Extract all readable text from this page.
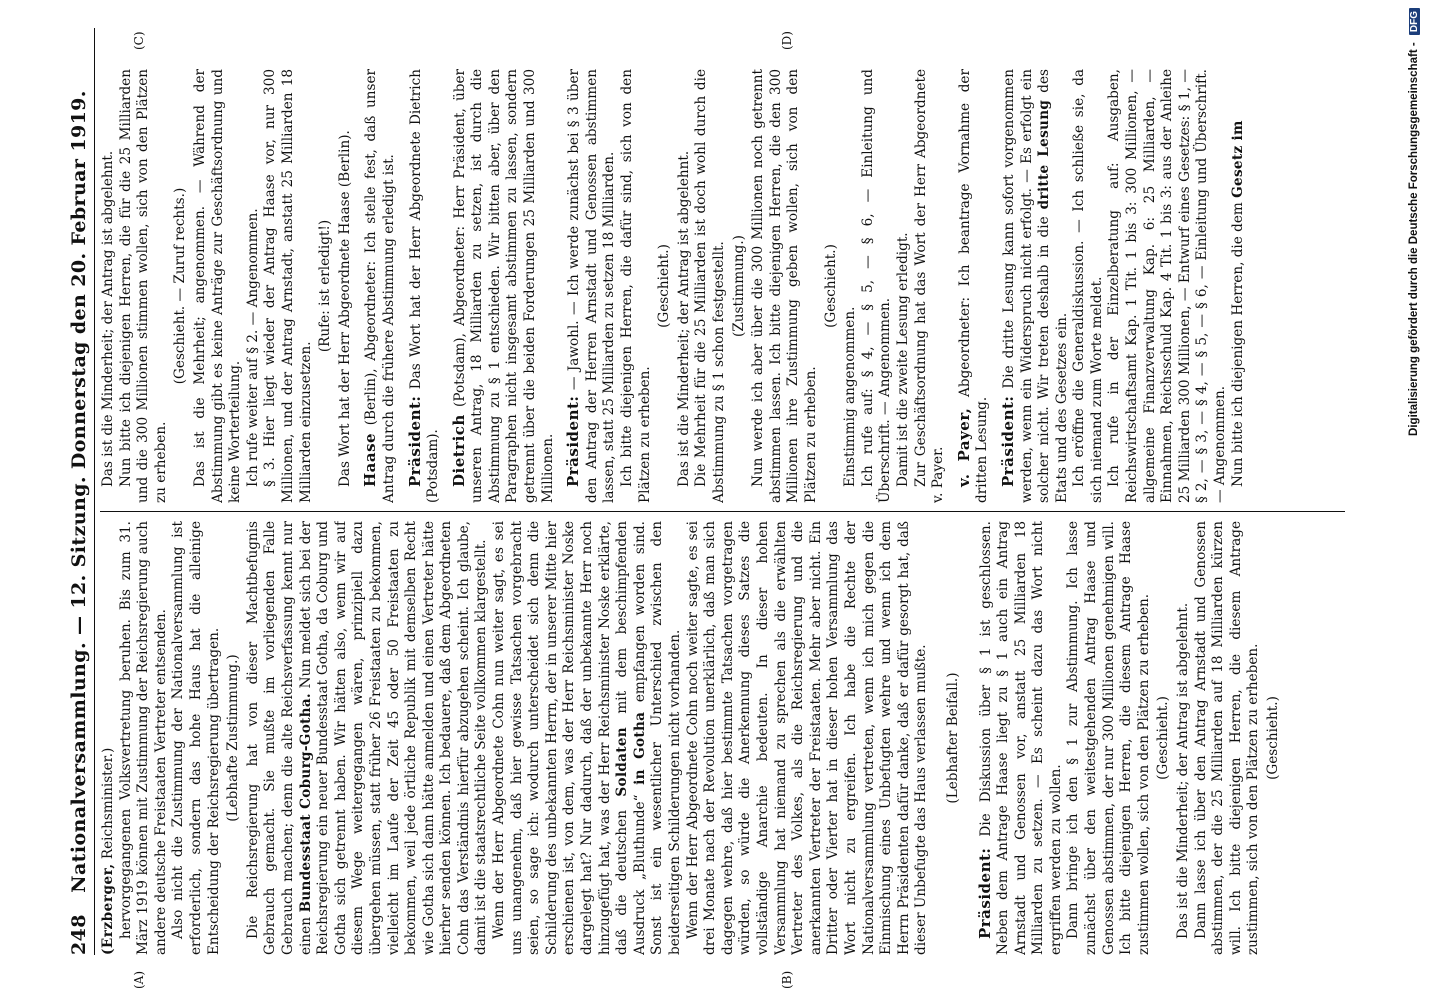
248
Nationalversammlung. — 12. Sitzung. Donnerstag den 20. Februar 1919.

(Erzberger, Reichsminister.) hervorgegangenen Volksvertretung beruhen. Bis zum 31. März 1919 können mit Zustimmung der Reichsregierung auch andere deutsche Freistaaten Vertreter entsenden. Also nicht die Zustimmung der Nationalversammlung ist erforderlich, sondern das hohe Haus hat die alleinige Entscheidung der Reichsregierung übertragen. (Lebhafte Zustimmung.) Die Reichsregierung hat von dieser Machtbefugnis Gebrauch gemacht. Sie mußte im vorliegenden Falle Gebrauch machen; denn die alte Reichsverfassung kennt nur einen Bundesstaat Coburg-Gotha. Nun meldet sich bei der Reichsregierung ein neuer Bundesstaat Gotha, da Coburg und Gotha sich getrennt haben. Wir hätten also, wenn wir auf diesem Wege weitergegangen wären, prinzipiell dazu übergehen müssen, statt früher 26 Freistaaten zu bekommen, vielleicht im Laufe der Zeit 45 oder 50 Freistaaten zu bekommen, weil jede örtliche Republik mit demselben Recht wie Gotha sich dann hätte anmelden und einen Vertreter hätte hierher senden können. Ich bedauere, daß dem Abgeordneten Cohn das Verständnis hierfür abzugehen scheint. Ich glaube, damit ist die staatsrechtliche Seite vollkommen klargestellt. Wenn der Herr Abgeordnete Cohn nun weiter sagt, es sei uns unangenehm, daß hier gewisse Tatsachen vorgebracht seien, so sage ich: wodurch unterscheidet sich denn die Schilderung des unbekannten Herrn, der in unserer Mitte hier erschienen ist, von dem, was der Herr Reichsminister Noske dargelegt hat? Nur dadurch, daß der unbekannte Herr noch hinzugefügt hat, was der Herr Reichsminister Noske erklärte, daß die deutschen Soldaten mit dem beschimpfenden Ausdruck „Bluthunde“ in Gotha empfangen worden sind. Sonst ist ein wesentlicher Unterschied zwischen den beiderseitigen Schilderungen nicht vorhanden. Wenn der Herr Abgeordnete Cohn noch weiter sagte, es sei drei Monate nach der Revolution unerklärlich, daß man sich dagegen wehre, daß hier bestimmte Tatsachen vorgetragen würden, so würde die Anerkennung dieses Satzes die vollständige Anarchie bedeuten. In dieser hohen Versammlung hat niemand zu sprechen als die erwählten Vertreter des Volkes, als die Reichsregierung und die anerkannten Vertreter der Freistaaten. Mehr aber nicht. Ein Dritter oder Vierter hat in dieser hohen Versammlung das Wort nicht zu ergreifen. Ich habe die Rechte der Nationalversammlung vertreten, wenn ich mich gegen die Einmischung eines Unbefugten wehre und wenn ich dem Herrn Präsidenten dafür danke, daß er dafür gesorgt hat, daß dieser Unbefugte das Haus verlassen mußte. (Lebhafter Beifall.)

Präsident: Die Diskussion über § 1 ist geschlossen. Neben dem Antrage Haase liegt zu § 1 auch ein Antrag Arnstadt und Genossen vor, anstatt 25 Milliarden 18 Milliarden zu setzen. — Es scheint dazu das Wort nicht ergriffen werden zu wollen. Dann bringe ich den § 1 zur Abstimmung. Ich lasse zunächst über den weitestgehenden Antrag Haase und Genossen abstimmen, der nur 300 Millionen genehmigen will. Ich bitte diejenigen Herren, die diesem Antrage Haase zustimmen wollen, sich von den Plätzen zu erheben. (Geschieht.) Das ist die Minderheit; der Antrag ist abgelehnt. Dann lasse ich über den Antrag Arnstadt und Genossen abstimmen, der die 25 Milliarden auf 18 Milliarden kürzen will. Ich bitte diejenigen Herren, die diesem Antrage zustimmen, sich von den Plätzen zu erheben. (Geschieht.)

Das ist die Minderheit; der Antrag ist abgelehnt. Nun bitte ich diejenigen Herren, die für die 25 Milliarden und die 300 Millionen stimmen wollen, sich von den Plätzen zu erheben.

(Geschieht. — Zuruf rechts.) Das ist die Mehrheit; angenommen. — Während der Abstimmung gibt es keine Anträge zur Geschäftsordnung und keine Worterteilung. Ich rufe weiter auf § 2. — Angenommen. § 3. Hier liegt wieder der Antrag Haase vor, nur 300 Millionen, und der Antrag Arnstadt, anstatt 25 Milliarden 18 Milliarden einzusetzen.

(Rufe: ist erledigt!) Das Wort hat der Herr Abgeordnete Haase (Berlin). Haase (Berlin), Abgeordneter: Ich stelle fest, daß unser Antrag durch die frühere Abstimmung erledigt ist. Präsident: Das Wort hat der Herr Abgeordnete Dietrich (Potsdam). Dietrich (Potsdam), Abgeordneter: Herr Präsident, über unseren Antrag, 18 Milliarden zu setzen, ist durch die Abstimmung zu § 1 entschieden. Wir bitten aber, über den Paragraphen nicht insgesamt abstimmen zu lassen, sondern getrennt über die beiden Forderungen 25 Milliarden und 300 Millionen. Präsident: — Jawohl. — Ich werde zunächst bei § 3 über den Antrag der Herren Arnstadt und Genossen abstimmen lassen, statt 25 Milliarden zu setzen 18 Milliarden. Ich bitte diejenigen Herren, die dafür sind, sich von den Plätzen zu erheben.

(Geschieht.) Das ist die Minderheit; der Antrag ist abgelehnt. Die Mehrheit für die 25 Milliarden ist doch wohl durch die Abstimmung zu § 1 schon festgestellt. (Zustimmung.) Nun werde ich aber über die 300 Millionen noch getrennt abstimmen lassen. Ich bitte diejenigen Herren, die den 300 Millionen ihre Zustimmung geben wollen, sich von den Plätzen zu erheben.

(Geschieht.)

Einstimmig angenommen. Ich rufe auf: § 4, — § 5, — § 6, — Einleitung und Überschrift. — Angenommen. Damit ist die zweite Lesung erledigt. Zur Geschäftsordnung hat das Wort der Herr Abgeordnete v. Payer. v. Payer, Abgeordneter: Ich beantrage Vornahme der dritten Lesung. Präsident: Die dritte Lesung kann sofort vorgenommen werden, wenn ein Widerspruch nicht erfolgt. — Es erfolgt ein solcher nicht. Wir treten deshalb in die dritte Lesung des Etats und des Gesetzes ein. Ich eröffne die Generaldiskussion. — Ich schließe sie, da sich niemand zum Worte meldet. Ich rufe in der Einzelberatung auf: Ausgaben, Reichswirtschaftsamt Kap. 1 Tit. 1 bis 3: 300 Millionen, — allgemeine Finanzverwaltung Kap. 6: 25 Milliarden, — Einnahmen, Reichsschuld Kap. 4 Tit. 1 bis 3: aus der Anleihe 25 Milliarden 300 Millionen, — Entwurf eines Gesetzes: § 1, — § 2, — § 3, — § 4, — § 5, — § 6, — Einleitung und Überschrift. — Angenommen. Nun bitte ich diejenigen Herren, die dem Gesetz im

(A)	(B)
(C)	(D)
Digitalisierung gefördert durch die Deutsche Forschungsgemeinschaft - DFG
